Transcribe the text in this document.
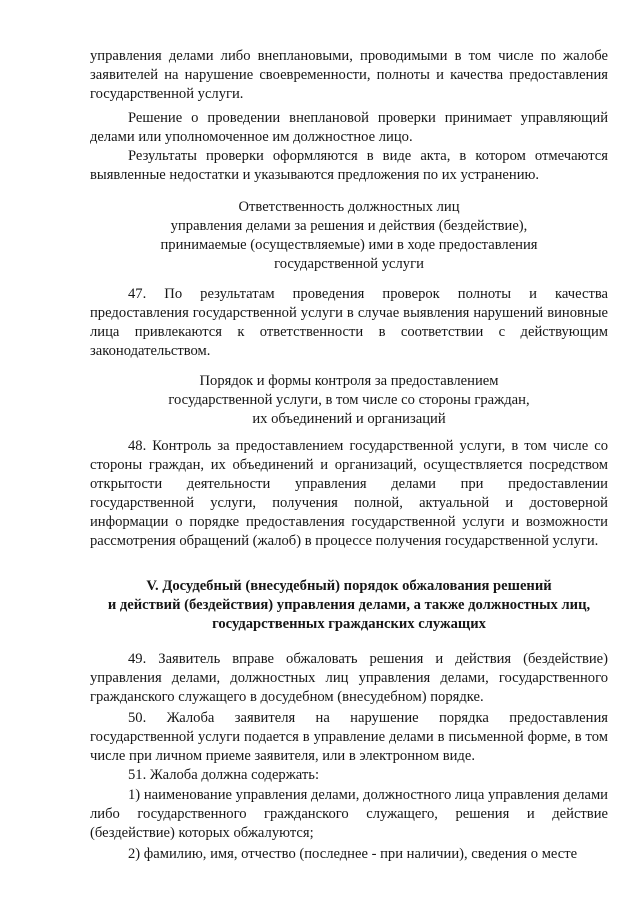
управления делами либо внеплановыми, проводимыми в том числе по жалобе заявителей на нарушение своевременности, полноты и качества предоставления государственной услуги.

Решение о проведении внеплановой проверки принимает управляющий делами или уполномоченное им должностное лицо.

Результаты проверки оформляются в виде акта, в котором отмечаются выявленные недостатки и указываются предложения по их устранению.

Ответственность должностных лиц
управления делами за решения и действия (бездействие),
принимаемые (осуществляемые) ими в ходе предоставления
государственной услуги

47. По результатам проведения проверок полноты и качества предоставления государственной услуги в случае выявления нарушений виновные лица привлекаются к ответственности в соответствии с действующим законодательством.

Порядок и формы контроля за предоставлением
государственной услуги, в том числе со стороны граждан,
их объединений и организаций

48. Контроль за предоставлением государственной услуги, в том числе со стороны граждан, их объединений и организаций, осуществляется посредством открытости деятельности управления делами при предоставлении государственной услуги, получения полной, актуальной и достоверной информации о порядке предоставления государственной услуги и возможности рассмотрения обращений (жалоб) в процессе получения государственной услуги.

V. Досудебный (внесудебный) порядок обжалования решений
и действий (бездействия) управления делами, а также должностных лиц,
государственных гражданских служащих

49. Заявитель вправе обжаловать решения и действия (бездействие) управления делами, должностных лиц управления делами, государственного гражданского служащего в досудебном (внесудебном) порядке.

50. Жалоба заявителя на нарушение порядка предоставления государственной услуги подается в управление делами в письменной форме, в том числе при личном приеме заявителя, или в электронном виде.

51. Жалоба должна содержать:

1) наименование управления делами, должностного лица управления делами либо государственного гражданского служащего, решения и действие (бездействие) которых обжалуются;

2) фамилию, имя, отчество (последнее - при наличии), сведения о месте
